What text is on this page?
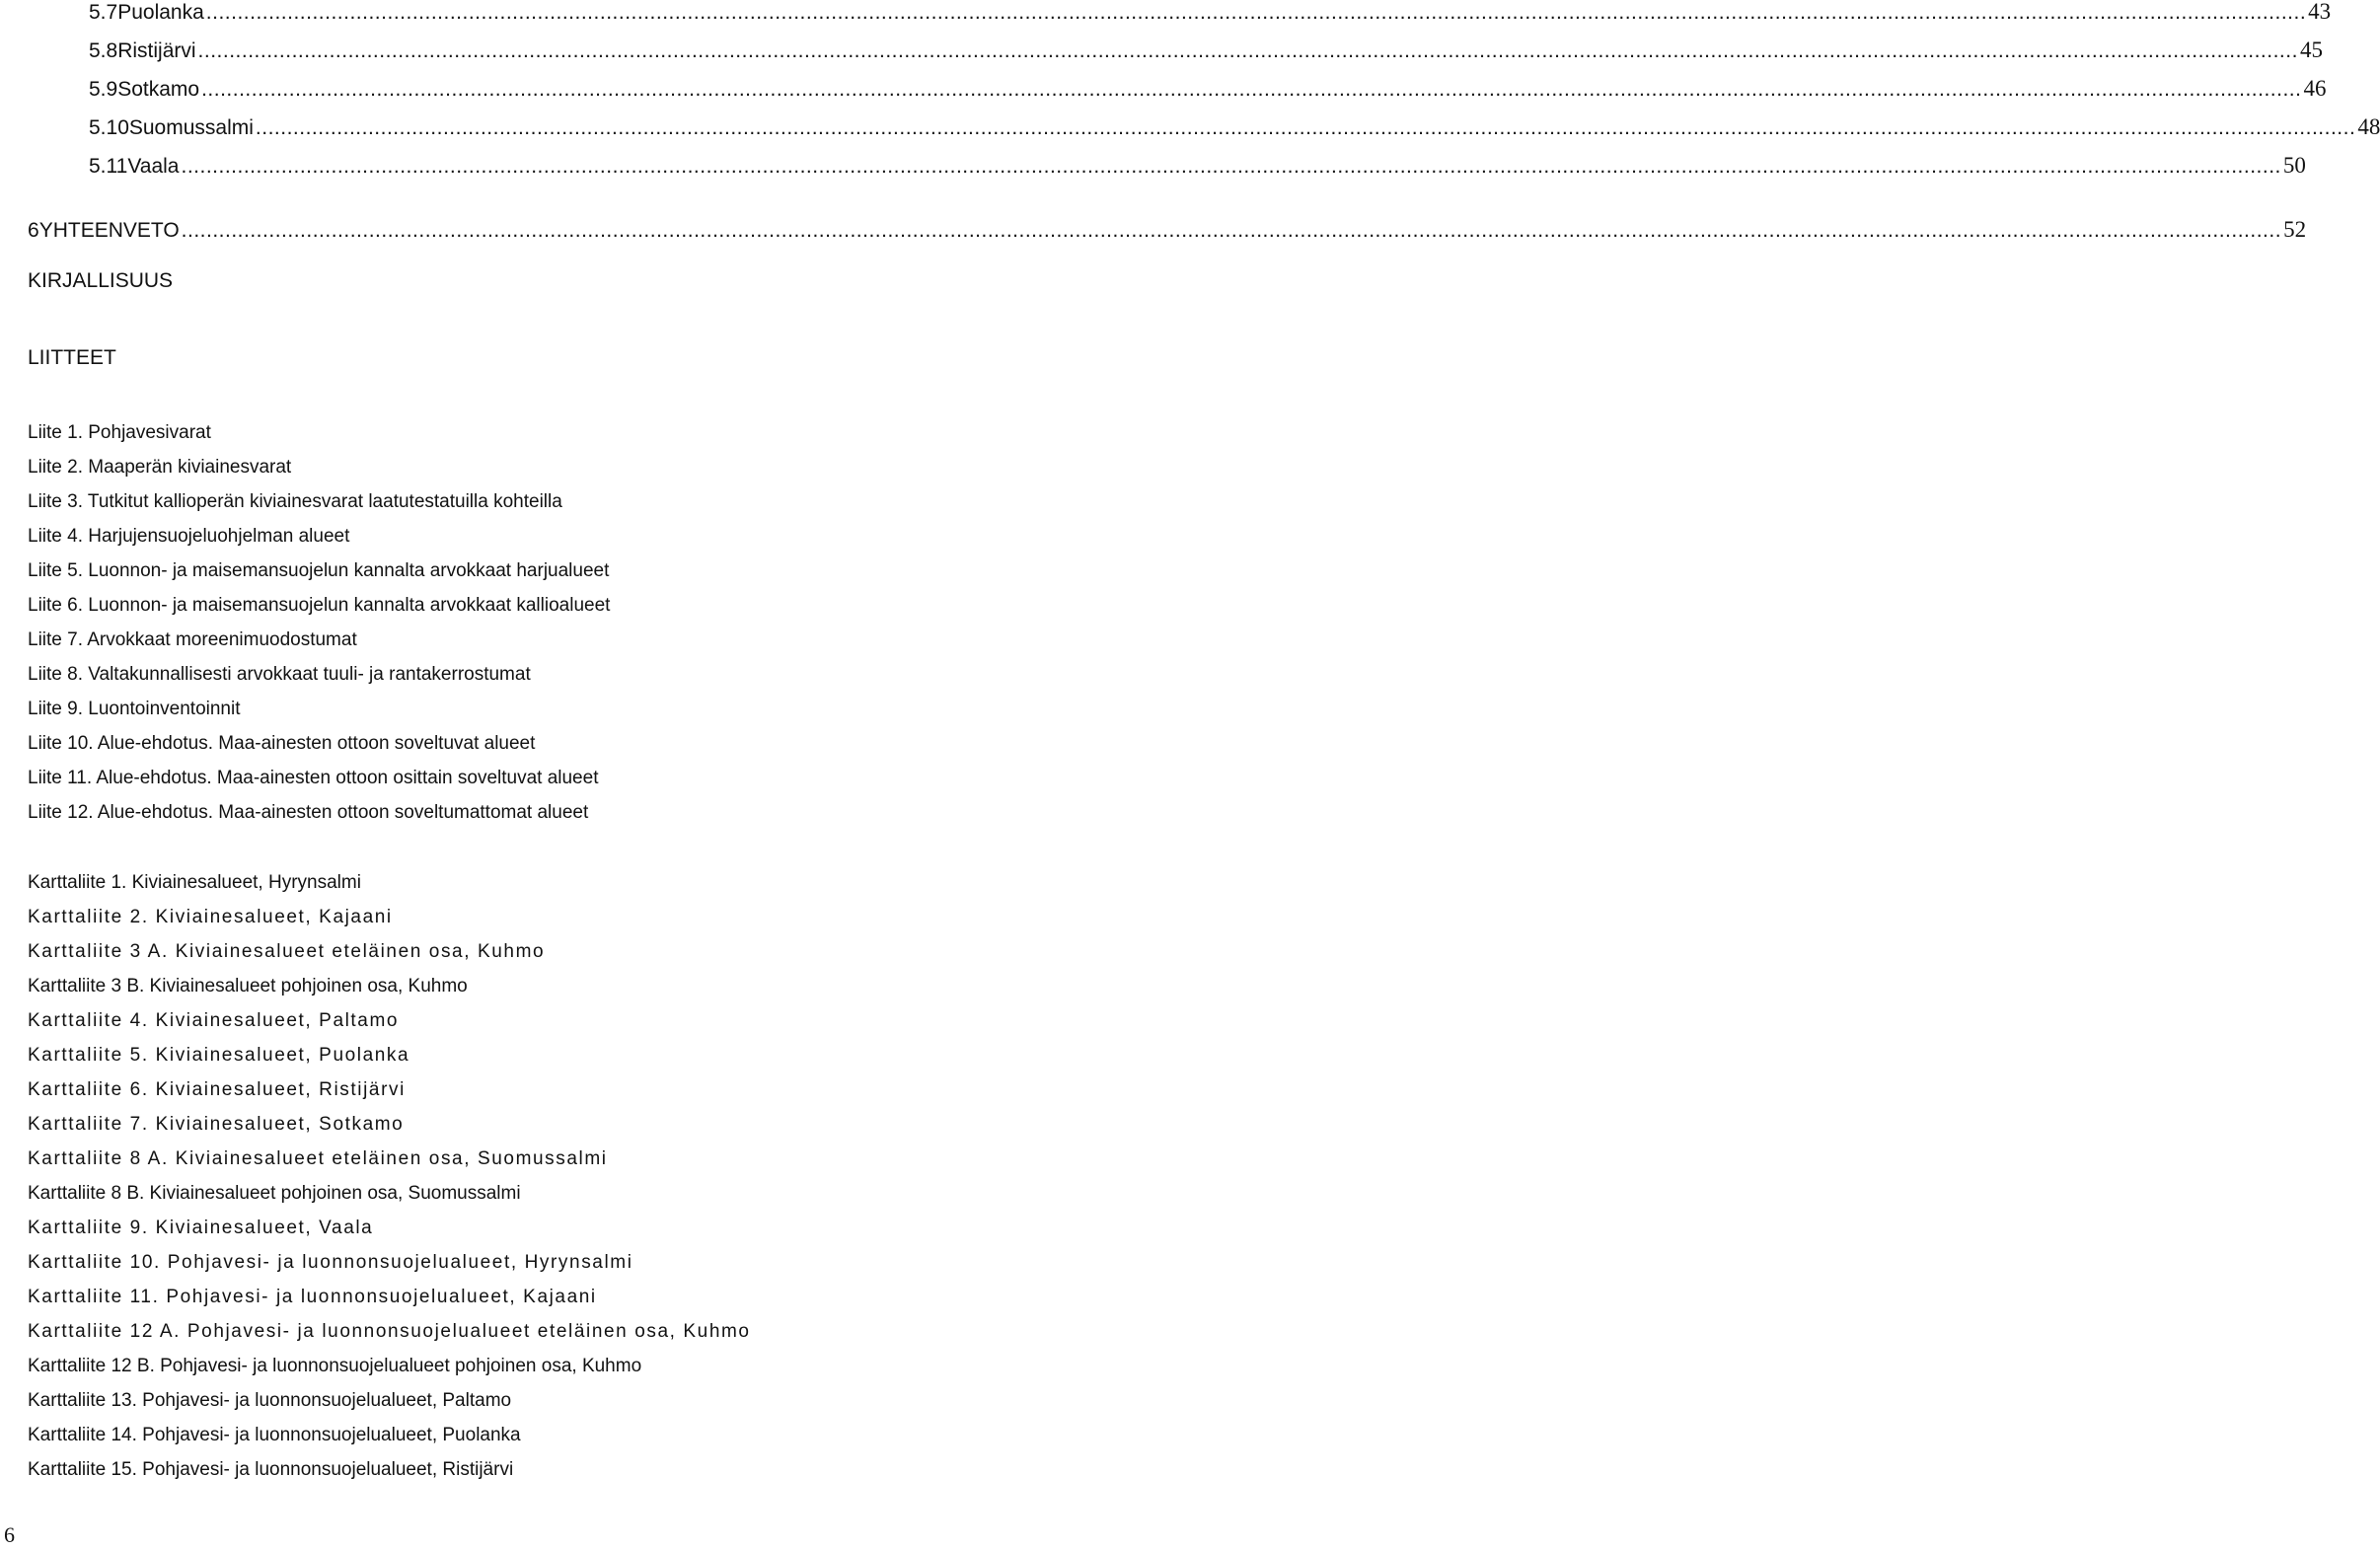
5.7 Puolanka ................................................................................................................................................................................................................................................................................................................................................ 43
5.8 Ristijärvi ................................................................................................................................................................................................................................................................................................................................................ 45
5.9 Sotkamo ................................................................................................................................................................................................................................................................................................................................................ 46
5.10 Suomussalmi ................................................................................................................................................................................................................................................................................................................................................ 48
5.11 Vaala ................................................................................................................................................................................................................................................................................................................................................ 50
6 YHTEENVETO ................................................................................................................................................................................................................................................................................................................................................ 52
KIRJALLISUUS
LIITTEET
Liite 1. Pohjavesivarat
Liite 2. Maaperän kiviainesvarat
Liite 3. Tutkitut kallioperän kiviainesvarat laatutestatuilla kohteilla
Liite 4. Harjujensuojeluohjelman alueet
Liite 5. Luonnon- ja maisemansuojelun kannalta arvokkaat harjualueet
Liite 6. Luonnon- ja maisemansuojelun kannalta arvokkaat kallioalueet
Liite 7. Arvokkaat moreenimuodostumat
Liite 8. Valtakunnallisesti arvokkaat tuuli- ja rantakerrostumat
Liite 9. Luontoinventoinnit
Liite 10. Alue-ehdotus. Maa-ainesten ottoon soveltuvat alueet
Liite 11. Alue-ehdotus. Maa-ainesten ottoon osittain soveltuvat alueet
Liite 12. Alue-ehdotus. Maa-ainesten ottoon soveltumattomat alueet
Karttaliite 1. Kiviainesalueet, Hyrynsalmi
Karttaliite 2. Kiviainesalueet, Kajaani
Karttaliite 3 A. Kiviainesalueet eteläinen osa, Kuhmo
Karttaliite 3 B. Kiviainesalueet pohjoinen osa, Kuhmo
Karttaliite 4. Kiviainesalueet, Paltamo
Karttaliite 5. Kiviainesalueet, Puolanka
Karttaliite 6. Kiviainesalueet, Ristijärvi
Karttaliite 7. Kiviainesalueet, Sotkamo
Karttaliite 8 A. Kiviainesalueet eteläinen osa, Suomussalmi
Karttaliite 8 B. Kiviainesalueet pohjoinen osa, Suomussalmi
Karttaliite 9. Kiviainesalueet, Vaala
Karttaliite 10. Pohjavesi- ja luonnonsuojelualueet, Hyrynsalmi
Karttaliite 11. Pohjavesi- ja luonnonsuojelualueet, Kajaani
Karttaliite 12 A. Pohjavesi- ja luonnonsuojelualueet eteläinen osa, Kuhmo
Karttaliite 12 B. Pohjavesi- ja luonnonsuojelualueet pohjoinen osa, Kuhmo
Karttaliite 13. Pohjavesi- ja luonnonsuojelualueet, Paltamo
Karttaliite 14. Pohjavesi- ja luonnonsuojelualueet, Puolanka
Karttaliite 15. Pohjavesi- ja luonnonsuojelualueet, Ristijärvi
6
